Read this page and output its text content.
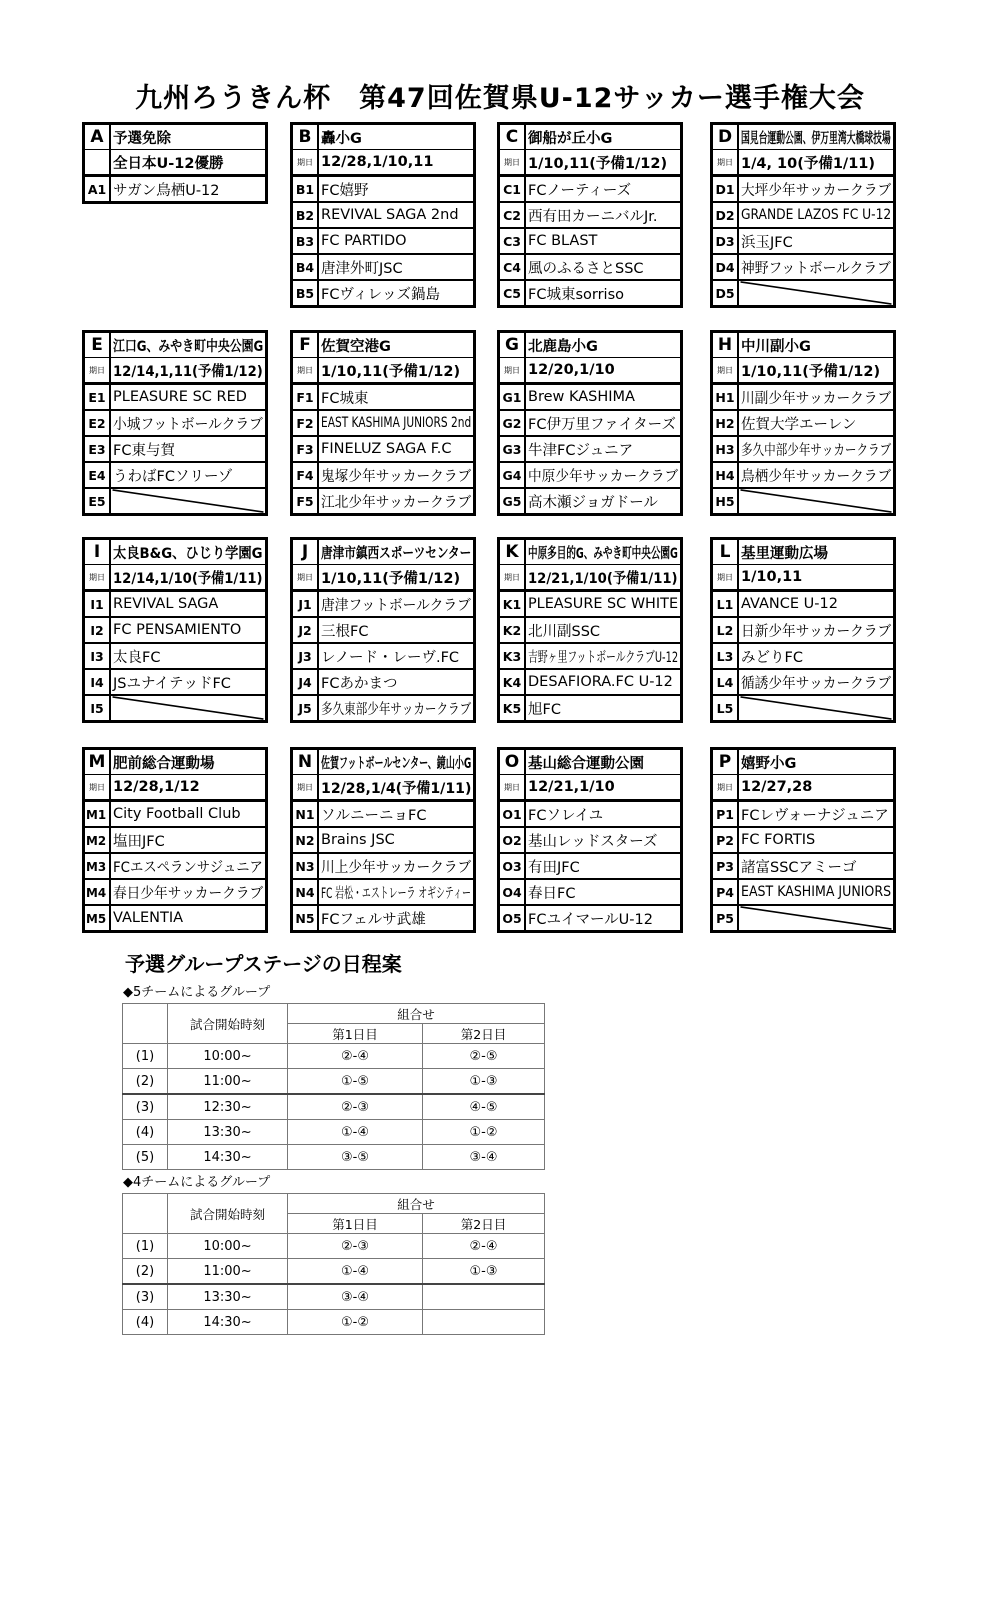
九州ろうきん杯　第47回佐賀県U-12サッカー選手権大会
A 予選免除
全日本U-12優勝
A1 サガン鳥栖U-12
B 轟小G
期日 12/28,1/10,11
B1 FC嬉野
B2 REVIVAL SAGA 2nd
B3 FC PARTIDO
B4 唐津外町JSC
B5 FCヴィレッズ鍋島
C 御船が丘小G
期日 1/10,11(予備1/12)
C1 FCノーティーズ
C2 西有田カーニバルJr.
C3 FC BLAST
C4 風のふるさとSSC
C5 FC城東sorriso
D 国見台運動公園、伊万里湾大橋球技場
期日 1/4, 10(予備1/11)
D1 大坪少年サッカークラブ
D2 GRANDE LAZOS FC U-12
D3 浜玉JFC
D4 神野フットボールクラブ
D5
E 江口G、みやき町中央公園G
期日 12/14,1,11(予備1/12)
E1 PLEASURE SC RED
E2 小城フットボールクラブ
E3 FC東与賀
E4 うわばFCソリーゾ
E5
F 佐賀空港G
期日 1/10,11(予備1/12)
F1 FC城東
F2 EAST KASHIMA JUNIORS 2nd
F3 FINELUZ SAGA F.C
F4 鬼塚少年サッカークラブ
F5 江北少年サッカークラブ
G 北鹿島小G
期日 12/20,1/10
G1 Brew KASHIMA
G2 FC伊万里ファイターズ
G3 牛津FCジュニア
G4 中原少年サッカークラブ
G5 高木瀬ジョガドール
H 中川副小G
期日 1/10,11(予備1/12)
H1 川副少年サッカークラブ
H2 佐賀大学エーレン
H3 多久中部少年サッカークラブ
H4 鳥栖少年サッカークラブ
H5
I 太良B&G、ひじり学園G
期日 12/14,1/10(予備1/11)
I1 REVIVAL SAGA
I2 FC PENSAMIENTO
I3 太良FC
I4 JSユナイテッドFC
I5
J 唐津市鎮西スポーツセンター
期日 1/10,11(予備1/12)
J1 唐津フットボールクラブ
J2 三根FC
J3 レノード・レーヴ.FC
J4 FCあかまつ
J5 多久東部少年サッカークラブ
K 中原多目的G、みやき町中央公園G
期日 12/21,1/10(予備1/11)
K1 PLEASURE SC WHITE
K2 北川副SSC
K3 吉野ヶ里フットボールクラブU-12
K4 DESAFIORA.FC U-12
K5 旭FC
L 基里運動広場
期日 1/10,11
L1 AVANCE U-12
L2 日新少年サッカークラブ
L3 みどりFC
L4 循誘少年サッカークラブ
L5
M 肥前総合運動場
期日 12/28,1/12
M1 City Football Club
M2 塩田JFC
M3 FCエスペランサジュニア
M4 春日少年サッカークラブ
M5 VALENTIA
N 佐賀フットボールセンター、鏡山小G
期日 12/28,1/4(予備1/11)
N1 ソルニーニョFC
N2 Brains JSC
N3 川上少年サッカークラブ
N4 FC 岩松・エストレーラ オギシティー
N5 FCフェルサ武雄
O 基山総合運動公園
期日 12/21,1/10
O1 FCソレイユ
O2 基山レッドスターズ
O3 有田JFC
O4 春日FC
O5 FCユイマールU-12
P 嬉野小G
期日 12/27,28
P1 FCレヴォーナジュニア
P2 FC FORTIS
P3 諸富SSCアミーゴ
P4 EAST KASHIMA JUNIORS
P5
予選グループステージの日程案
◆5チームによるグループ
	試合開始時刻	組合せ	
		第1日目	第2日目
(1)	10:00~	②-④	②-⑤
(2)	11:00~	①-⑤	①-③
(3)	12:30~	②-③	④-⑤
(4)	13:30~	①-④	①-②
(5)	14:30~	③-⑤	③-④
◆4チームによるグループ
	試合開始時刻	組合せ	
		第1日目	第2日目
(1)	10:00~	②-③	②-④
(2)	11:00~	①-④	①-③
(3)	13:30~	③-④	
(4)	14:30~	①-②	
